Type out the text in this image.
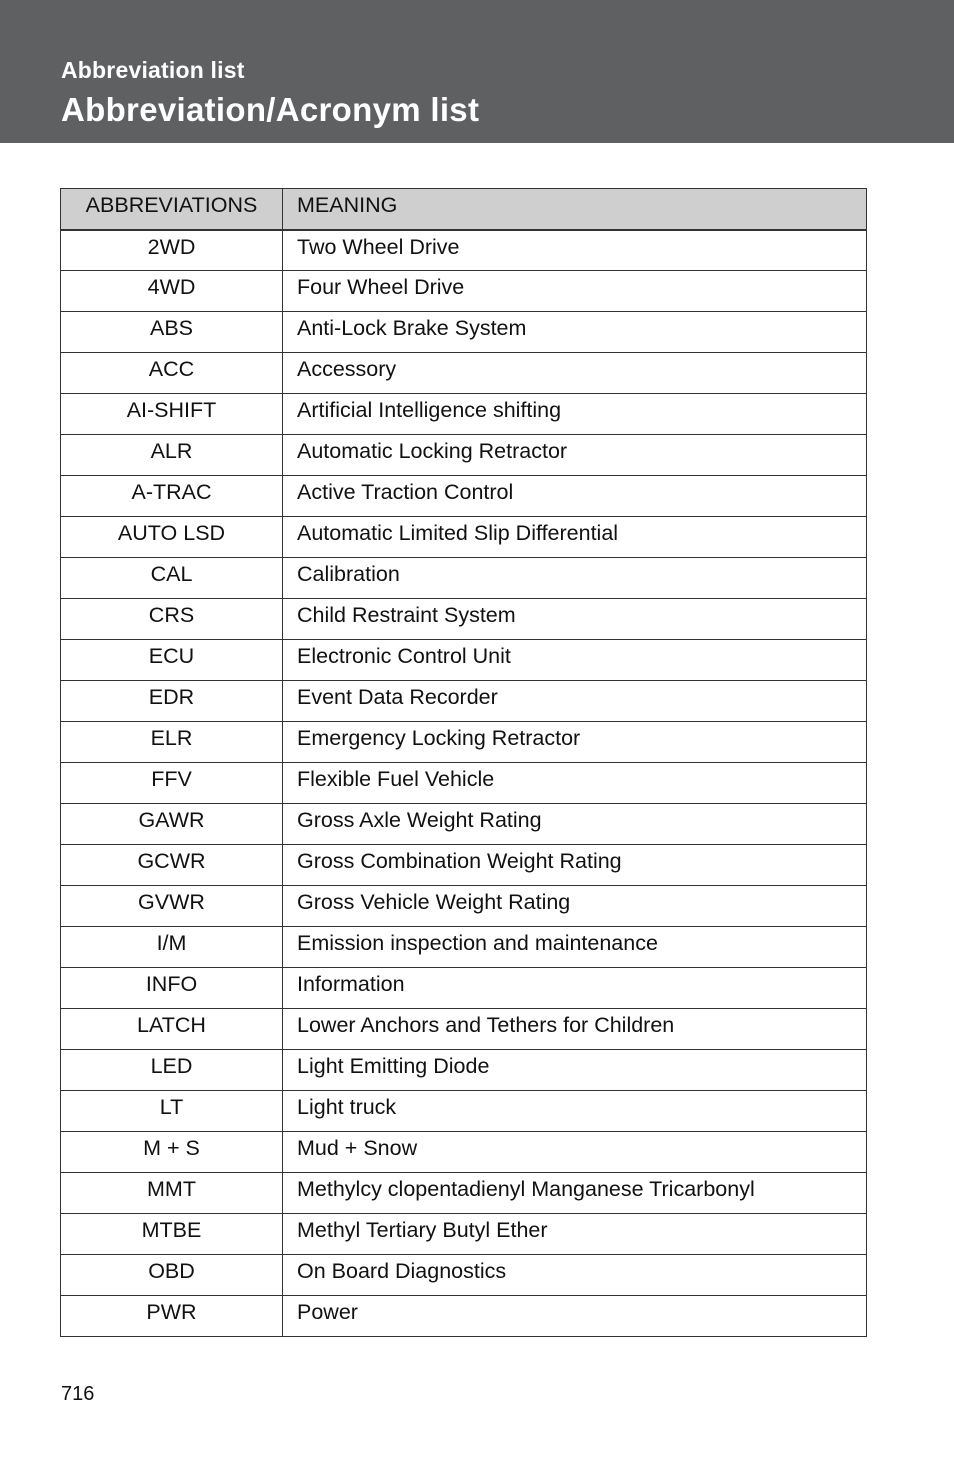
Abbreviation list
Abbreviation/Acronym list
ABBREVIATIONS	MEANING
2WD	Two Wheel Drive
4WD	Four Wheel Drive
ABS	Anti-Lock Brake System
ACC	Accessory
AI-SHIFT	Artificial Intelligence shifting
ALR	Automatic Locking Retractor
A-TRAC	Active Traction Control
AUTO LSD	Automatic Limited Slip Differential
CAL	Calibration
CRS	Child Restraint System
ECU	Electronic Control Unit
EDR	Event Data Recorder
ELR	Emergency Locking Retractor
FFV	Flexible Fuel Vehicle
GAWR	Gross Axle Weight Rating
GCWR	Gross Combination Weight Rating
GVWR	Gross Vehicle Weight Rating
I/M	Emission inspection and maintenance
INFO	Information
LATCH	Lower Anchors and Tethers for Children
LED	Light Emitting Diode
LT	Light truck
M + S	Mud + Snow
MMT	Methylcy clopentadienyl Manganese Tricarbonyl
MTBE	Methyl Tertiary Butyl Ether
OBD	On Board Diagnostics
PWR	Power
716
